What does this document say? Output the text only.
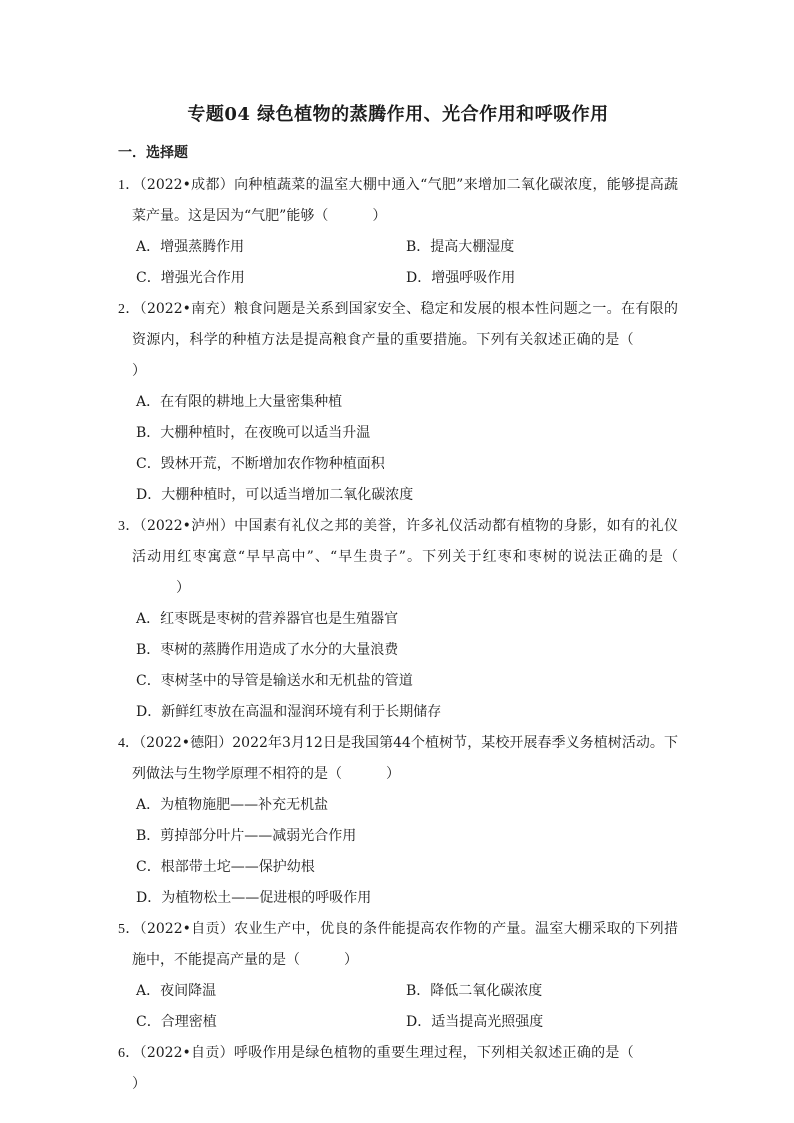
专题04 绿色植物的蒸腾作用、光合作用和呼吸作用
一．选择题

1．（2022•成都）向种植蔬菜的温室大棚中通入“气肥”来增加二氧化碳浓度，能够提高蔬菜产量。这是因为“气肥”能够（	）

A．增强蒸腾作用	B．提高大棚湿度
C．增强光合作用	D．增强呼吸作用

2．（2022•南充）粮食问题是关系到国家安全、稳定和发展的根本性问题之一。在有限的资源内，科学的种植方法是提高粮食产量的重要措施。下列有关叙述正确的是（）

A．在有限的耕地上大量密集种植
B．大棚种植时，在夜晚可以适当升温
C．毁林开荒，不断增加农作物种植面积
D．大棚种植时，可以适当增加二氧化碳浓度

3．（2022•泸州）中国素有礼仪之邦的美誉，许多礼仪活动都有植物的身影，如有的礼仪活动用红枣寓意“早早高中”、“早生贵子”。下列关于红枣和枣树的说法正确的是（）

A．红枣既是枣树的营养器官也是生殖器官
B．枣树的蒸腾作用造成了水分的大量浪费
C．枣树茎中的导管是输送水和无机盐的管道
D．新鲜红枣放在高温和湿润环境有利于长期储存

4．（2022•德阳）2022年3月12日是我国第44个植树节，某校开展春季义务植树活动。下列做法与生物学原理不相符的是（	）

A．为植物施肥——补充无机盐
B．剪掉部分叶片——减弱光合作用
C．根部带土坨——保护幼根
D．为植物松土——促进根的呼吸作用

5．（2022•自贡）农业生产中，优良的条件能提高农作物的产量。温室大棚采取的下列措施中，不能提高产量的是（	）

A．夜间降温	B．降低二氧化碳浓度
C．合理密植	D．适当提高光照强度

6．（2022•自贡）呼吸作用是绿色植物的重要生理过程，下列相关叙述正确的是（）
